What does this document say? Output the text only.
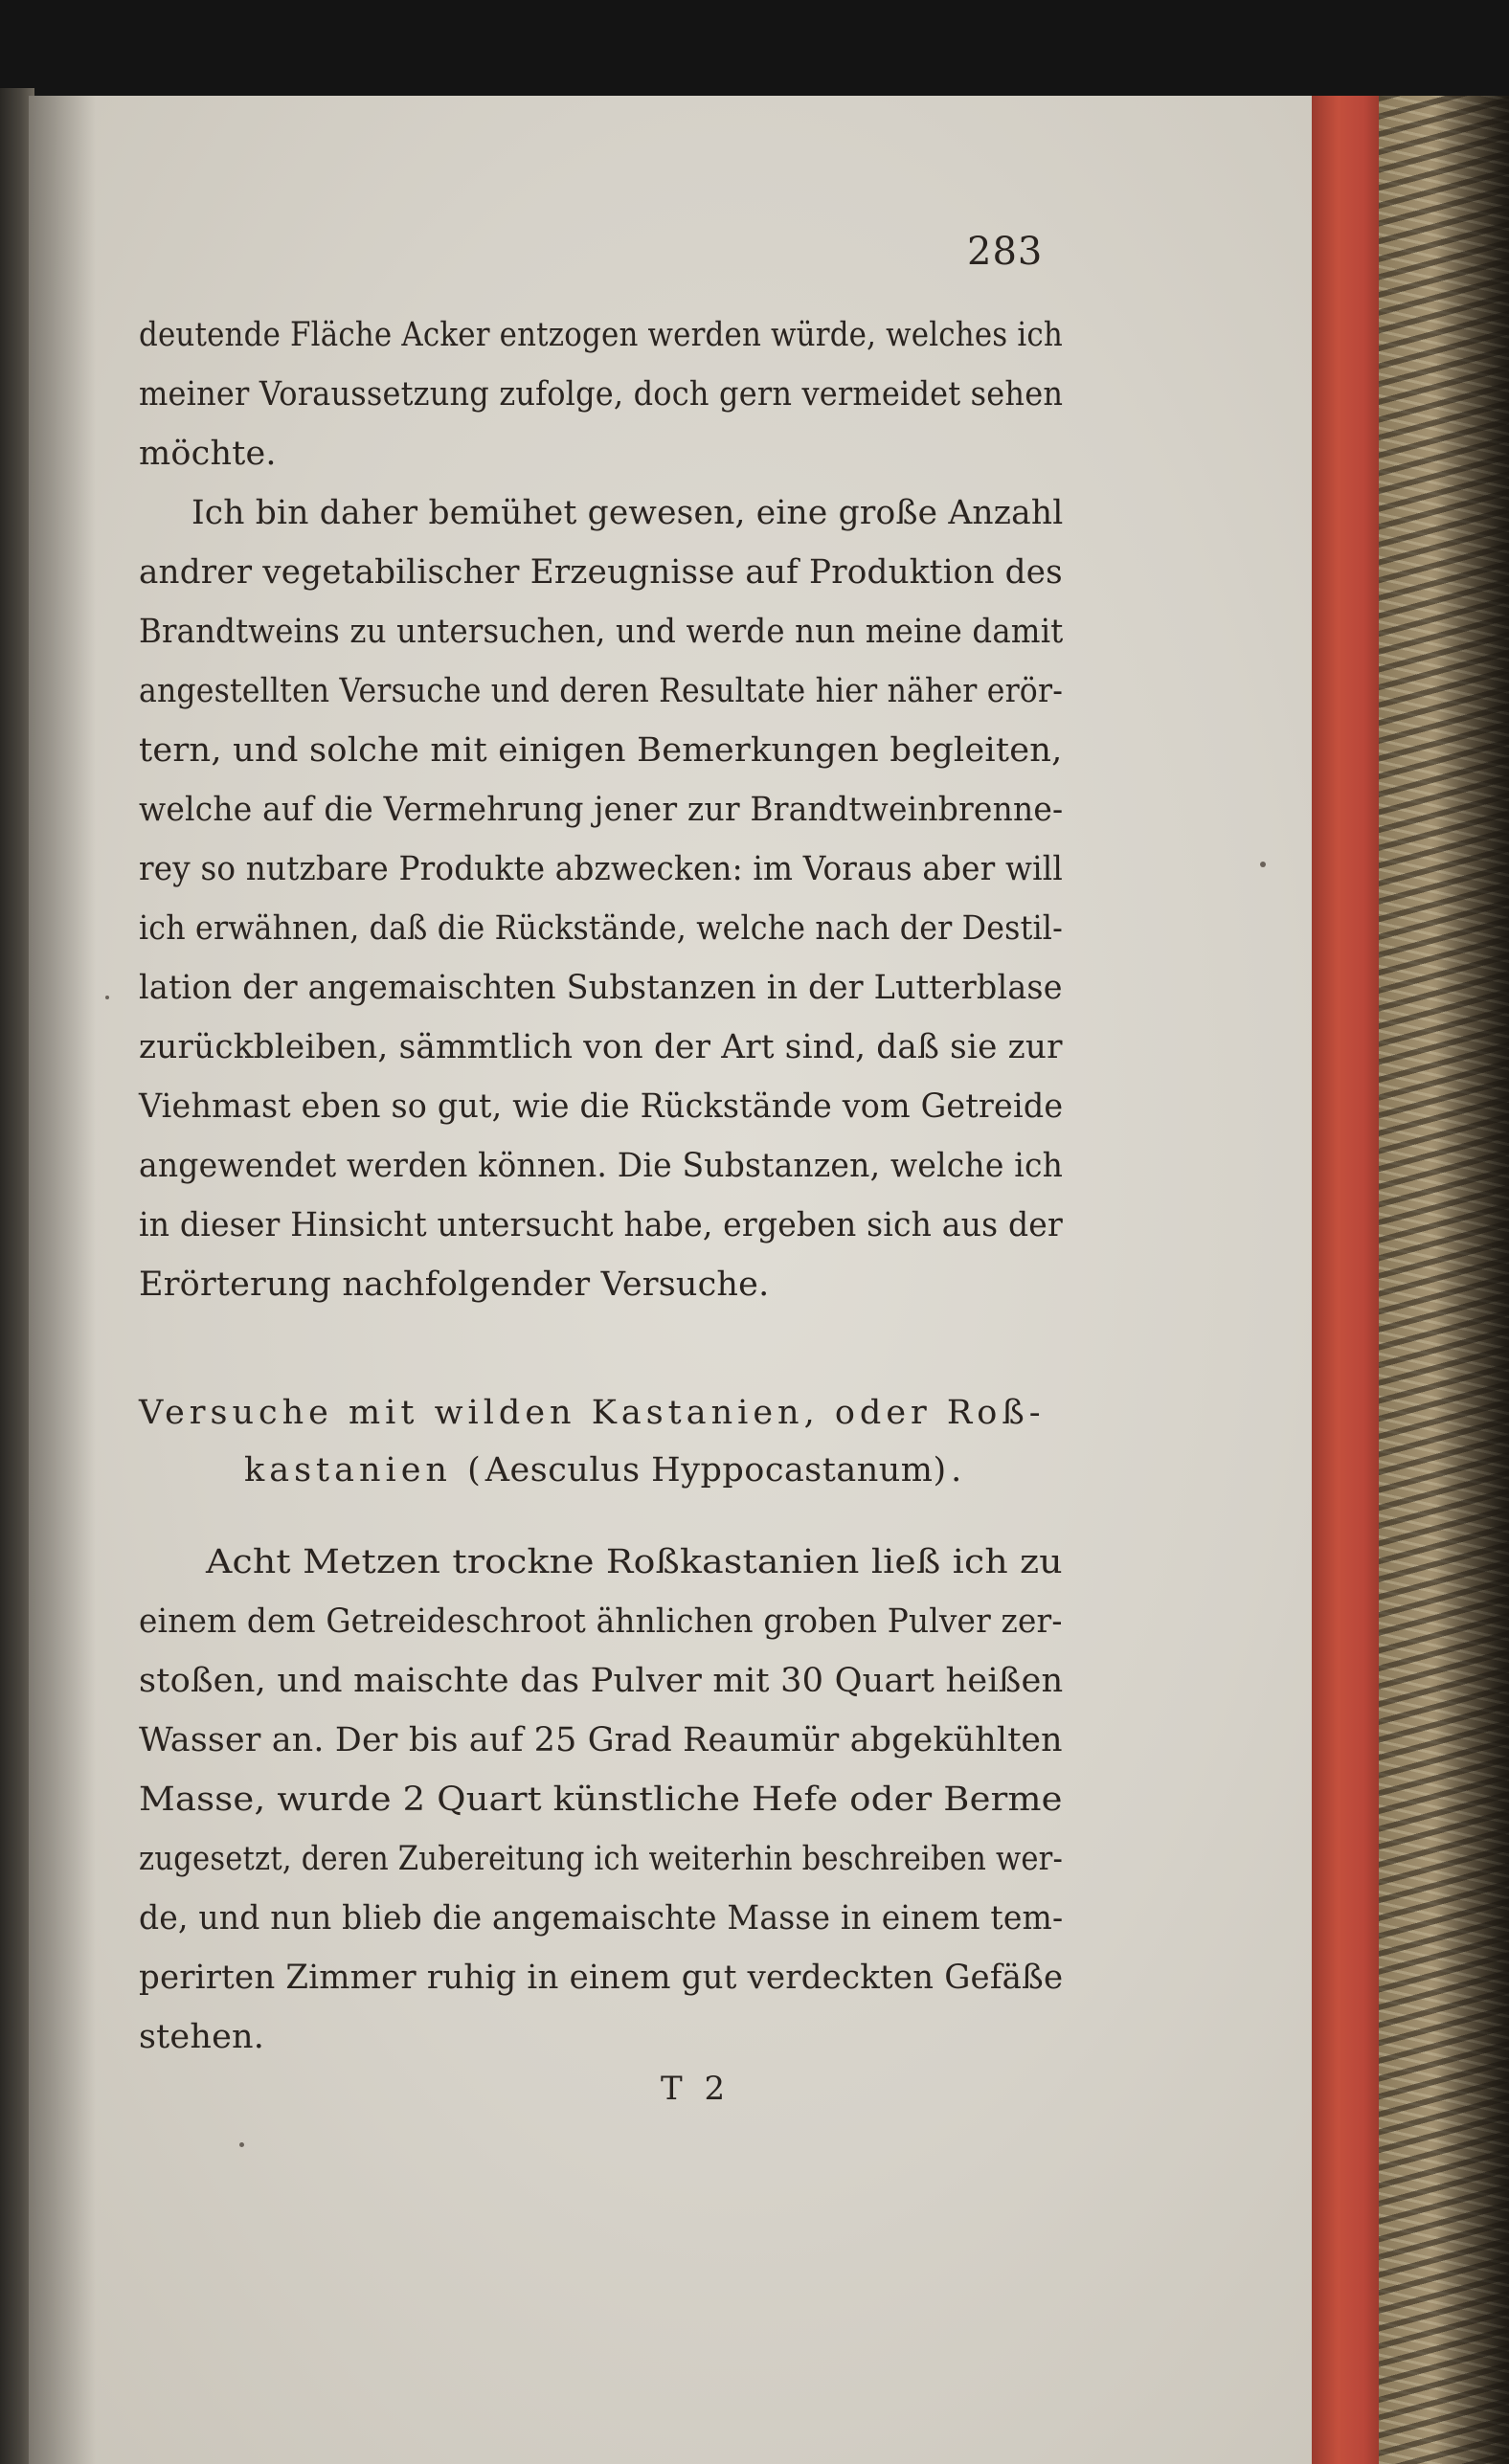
283
deutende Fläche Acker entzogen werden würde, welches ich
meiner Voraussetzung zufolge, doch gern vermeidet sehen
möchte.
Ich bin daher bemühet gewesen, eine große Anzahl
andrer vegetabilischer Erzeugnisse auf Produktion des
Brandtweins zu untersuchen, und werde nun meine damit
angestellten Versuche und deren Resultate hier näher erör-
tern, und solche mit einigen Bemerkungen begleiten,
welche auf die Vermehrung jener zur Brandtweinbrenne-
rey so nutzbare Produkte abzwecken: im Voraus aber will
ich erwähnen, daß die Rückstände, welche nach der Destil-
lation der angemaischten Substanzen in der Lutterblase
zurückbleiben, sämmtlich von der Art sind, daß sie zur
Viehmast eben so gut, wie die Rückstände vom Getreide
angewendet werden können. Die Substanzen, welche ich
in dieser Hinsicht untersucht habe, ergeben sich aus der
Erörterung nachfolgender Versuche.
Versuche mit wilden Kastanien, oder Roß-
kastanien (Aesculus Hyppocastanum).
Acht Metzen trockne Roßkastanien ließ ich zu
einem dem Getreideschroot ähnlichen groben Pulver zer-
stoßen, und maischte das Pulver mit 30 Quart heißen
Wasser an. Der bis auf 25 Grad Reaumür abgekühlten
Masse, wurde 2 Quart künstliche Hefe oder Berme
zugesetzt, deren Zubereitung ich weiterhin beschreiben wer-
de, und nun blieb die angemaischte Masse in einem tem-
perirten Zimmer ruhig in einem gut verdeckten Gefäße
stehen.
T 2
